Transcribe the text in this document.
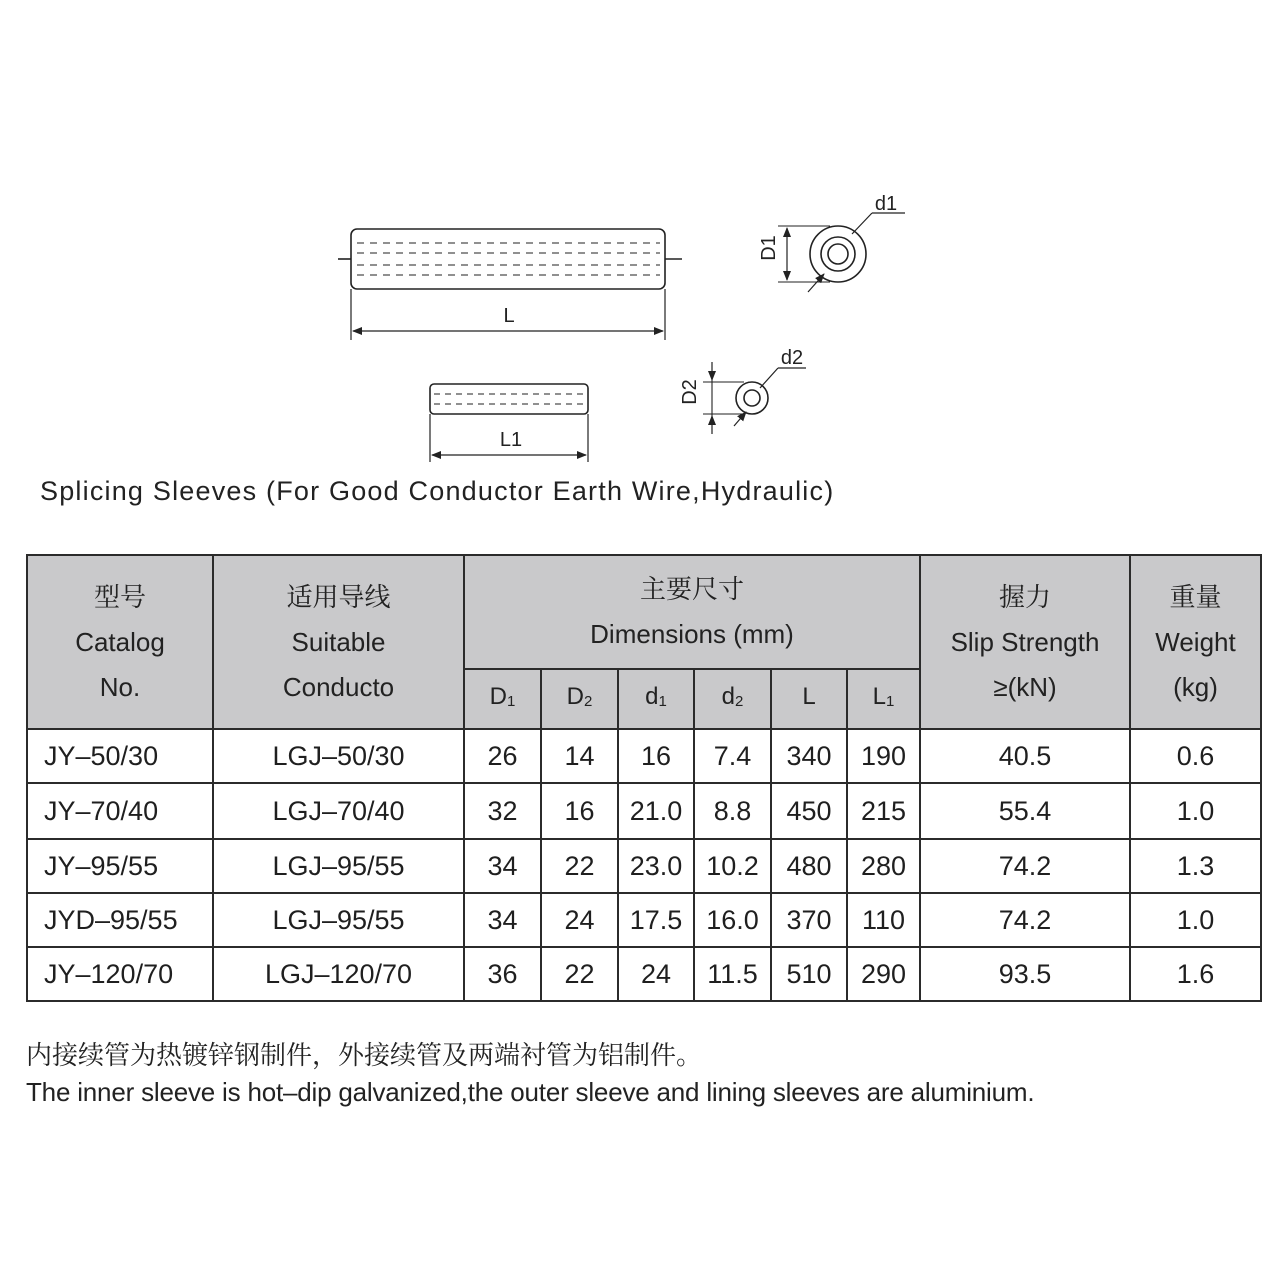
L
D1
d1
L1
D2
d2
Splicing Sleeves (For Good Conductor Earth Wire,Hydraulic)
型号
Catalog
No.	适用导线
Suitable
Conducto	主要尺寸
Dimensions (mm)						握力
Slip Strength
≥(kN)	重量
Weight
(kg)

		$D_1$	$D_2$	$d_1$	$d_2$	L	$L_1$
JY–50/30	LGJ–50/30	26	14	16	7.4	340	190	40.5	0.6
JY–70/40	LGJ–70/40	32	16	21.0	8.8	450	215	55.4	1.0
JY–95/55	LGJ–95/55	34	22	23.0	10.2	480	280	74.2	1.3
JYD–95/55	LGJ–95/55	34	24	17.5	16.0	370	110	74.2	1.0
JY–120/70	LGJ–120/70	36	22	24	11.5	510	290	93.5	1.6
内接续管为热镀锌钢制件，外接续管及两端衬管为铝制件。
The inner sleeve is hot–dip galvanized,the outer sleeve and lining sleeves are aluminium.
